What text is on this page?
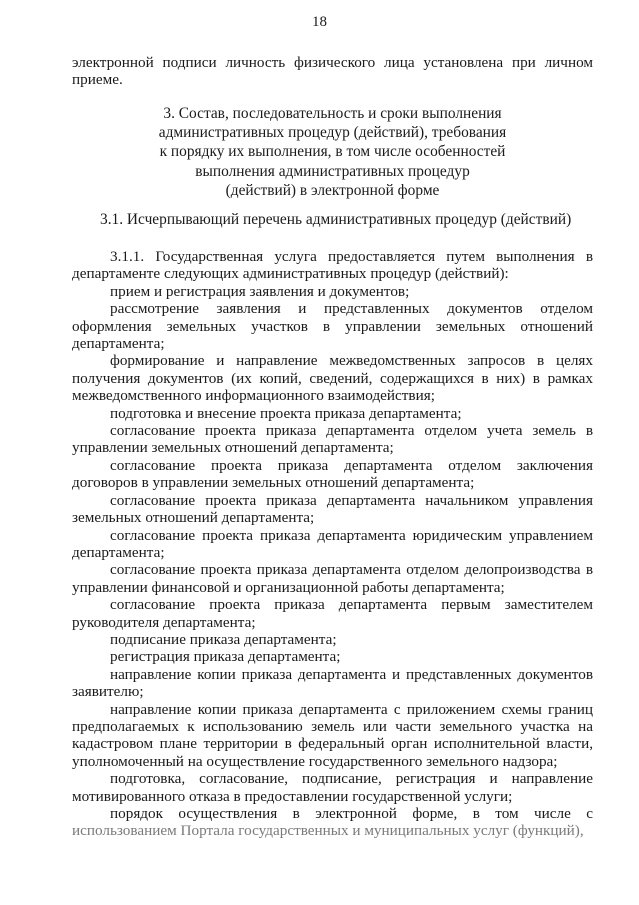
18

электронной подписи личность физического лица установлена при личном приеме.

3. Состав, последовательность и сроки выполнения
административных процедур (действий), требования
к порядку их выполнения, в том числе особенностей
выполнения административных процедур
(действий) в электронной форме

3.1. Исчерпывающий перечень административных процедур (действий)

3.1.1. Государственная услуга предоставляется путем выполнения в департаменте следующих административных процедур (действий):

прием и регистрация заявления и документов;

рассмотрение заявления и представленных документов отделом оформления земельных участков в управлении земельных отношений департамента;

формирование и направление межведомственных запросов в целях получения документов (их копий, сведений, содержащихся в них) в рамках межведомственного информационного взаимодействия;

подготовка и внесение проекта приказа департамента;

согласование проекта приказа департамента отделом учета земель в управлении земельных отношений департамента;

согласование проекта приказа департамента отделом заключения договоров в управлении земельных отношений департамента;

согласование проекта приказа департамента начальником управления земельных отношений департамента;

согласование проекта приказа департамента юридическим управлением департамента;

согласование проекта приказа департамента отделом делопроизводства в управлении финансовой и организационной работы департамента;

согласование проекта приказа департамента первым заместителем руководителя департамента;

подписание приказа департамента;

регистрация приказа департамента;

направление копии приказа департамента и представленных документов заявителю;

направление копии приказа департамента с приложением схемы границ предполагаемых к использованию земель или части земельного участка на кадастровом плане территории в федеральный орган исполнительной власти, уполномоченный на осуществление государственного земельного надзора;

подготовка, согласование, подписание, регистрация и направление мотивированного отказа в предоставлении государственной услуги;

порядок осуществления в электронной форме, в том числе с

использованием Портала государственных и муниципальных услуг (функций),
